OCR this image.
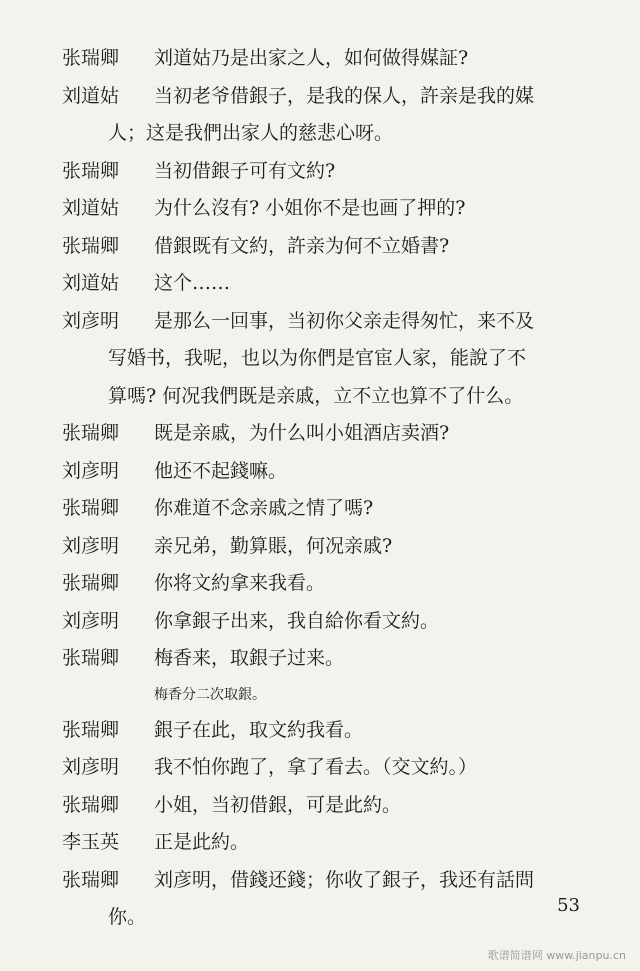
张瑞卿 刘道姑乃是出家之人，如何做得媒証?
刘道姑 当初老爷借銀子，是我的保人，許亲是我的媒
人；这是我們出家人的慈悲心呀。
张瑞卿 当初借銀子可有文約?
刘道姑 为什么沒有? 小姐你不是也画了押的?
张瑞卿 借銀既有文約，許亲为何不立婚書?
刘道姑 这个……
刘彦明 是那么一回事，当初你父亲走得匆忙，来不及
写婚书，我呢，也以为你們是官宦人家，能說了不
算嗎? 何况我們既是亲戚，立不立也算不了什么。
张瑞卿 既是亲戚，为什么叫小姐酒店卖酒?
刘彦明 他还不起錢嘛。
张瑞卿 你难道不念亲戚之情了嗎?
刘彦明 亲兄弟，勤算賬，何况亲戚?
张瑞卿 你将文約拿来我看。
刘彦明 你拿銀子出来，我自給你看文約。
张瑞卿 梅香来，取銀子过来。
梅香分二次取銀。
张瑞卿 銀子在此，取文約我看。
刘彦明 我不怕你跑了，拿了看去。（交文約。）
张瑞卿 小姐，当初借銀，可是此約。
李玉英 正是此約。
张瑞卿 刘彦明，借錢还錢；你收了銀子，我还有話問
你。
53
歌谱简谱网 www.jianpu.cn
